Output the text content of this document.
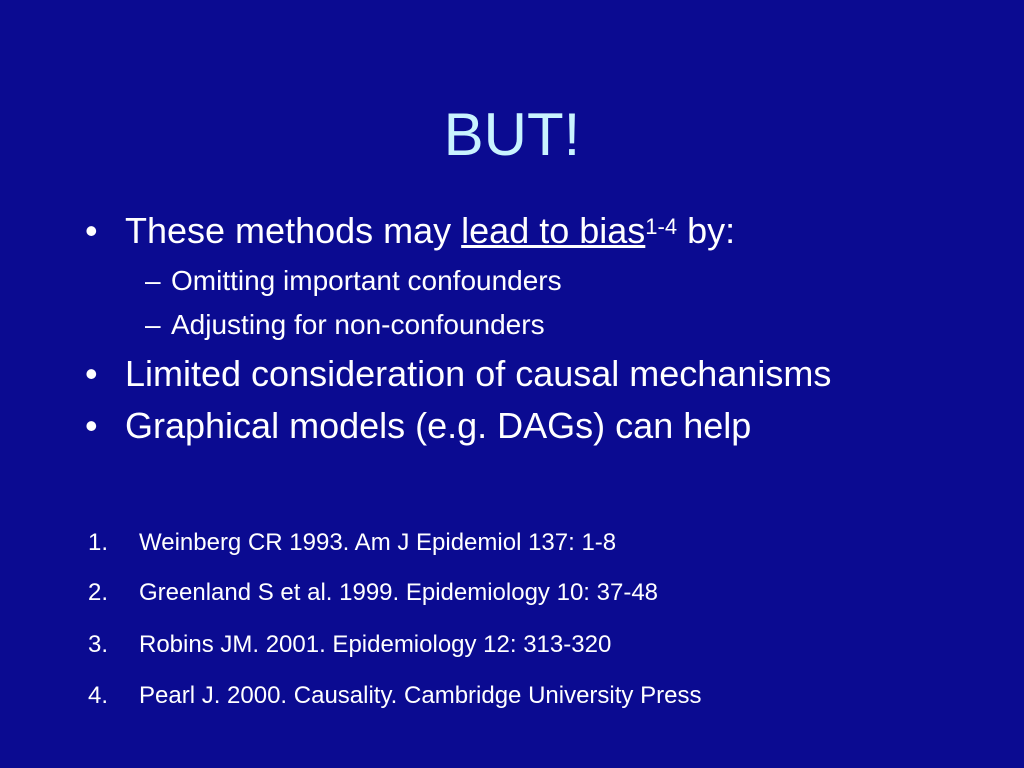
BUT!
• These methods may lead to bias$^{1-4}$ by:
– Omitting important confounders
– Adjusting for non-confounders
• Limited consideration of causal mechanisms
• Graphical models (e.g. DAGs) can help
1. Weinberg CR 1993. Am J Epidemiol 137: 1-8
2. Greenland S et al. 1999. Epidemiology 10: 37-48
3. Robins JM. 2001. Epidemiology 12: 313-320
4. Pearl J. 2000. Causality. Cambridge University Press
